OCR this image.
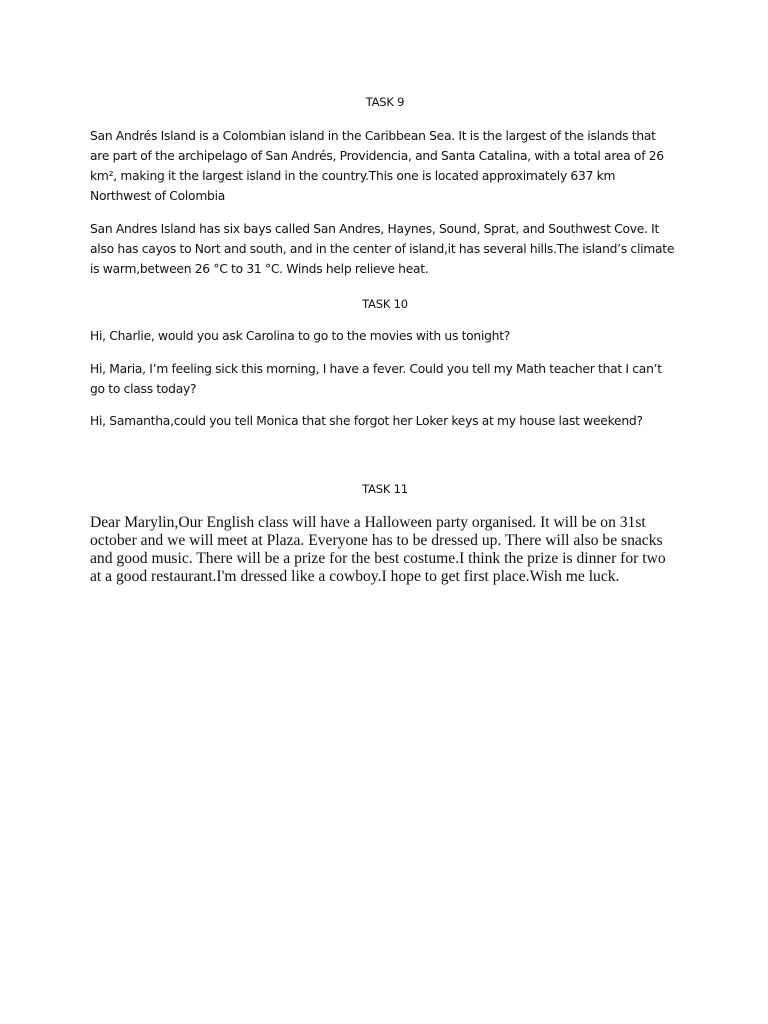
TASK 9

San Andrés Island is a Colombian island in the Caribbean Sea. It is the largest of the islands that are part of the archipelago of San Andrés, Providencia, and Santa Catalina, with a total area of 26 km², making it the largest island in the country.This one is located approximately 637 km Northwest of Colombia

San Andres Island has six bays called San Andres, Haynes, Sound, Sprat, and Southwest Cove. It also has cayos to Nort and south, and in the center of island,it has several hills.The island’s climate is warm,between 26 °C to 31 °C. Winds help relieve heat.

TASK 10

Hi, Charlie, would you ask Carolina to go to the movies with us tonight?

Hi, Maria, I’m feeling sick this morning, I have a fever. Could you tell my Math teacher that I can’t go to class today?

Hi, Samantha,could you tell Monica that she forgot her Loker keys at my house last weekend?

TASK 11

Dear Marylin,Our English class will have a Halloween party organised. It will be on 31st october and we will meet at Plaza. Everyone has to be dressed up. There will also be snacks and good music. There will be a prize for the best costume.I think the prize is dinner for two at a good restaurant.I'm dressed like a cowboy.I hope to get first place.Wish me luck.
